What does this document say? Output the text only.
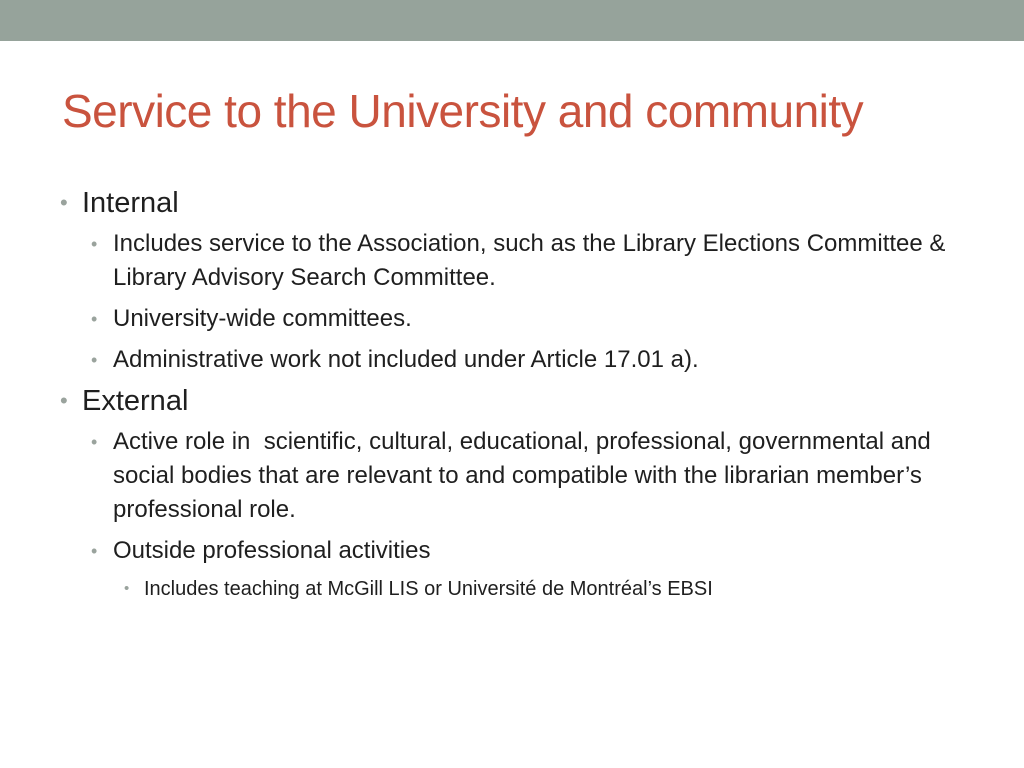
Service to the University and community
• Internal
• Includes service to the Association, such as the Library Elections Committee & Library Advisory Search Committee.
• University-wide committees.
• Administrative work not included under Article 17.01 a).
• External
• Active role in  scientific, cultural, educational, professional, governmental and social bodies that are relevant to and compatible with the librarian member’s professional role.
• Outside professional activities
• Includes teaching at McGill LIS or Université de Montréal’s EBSI
